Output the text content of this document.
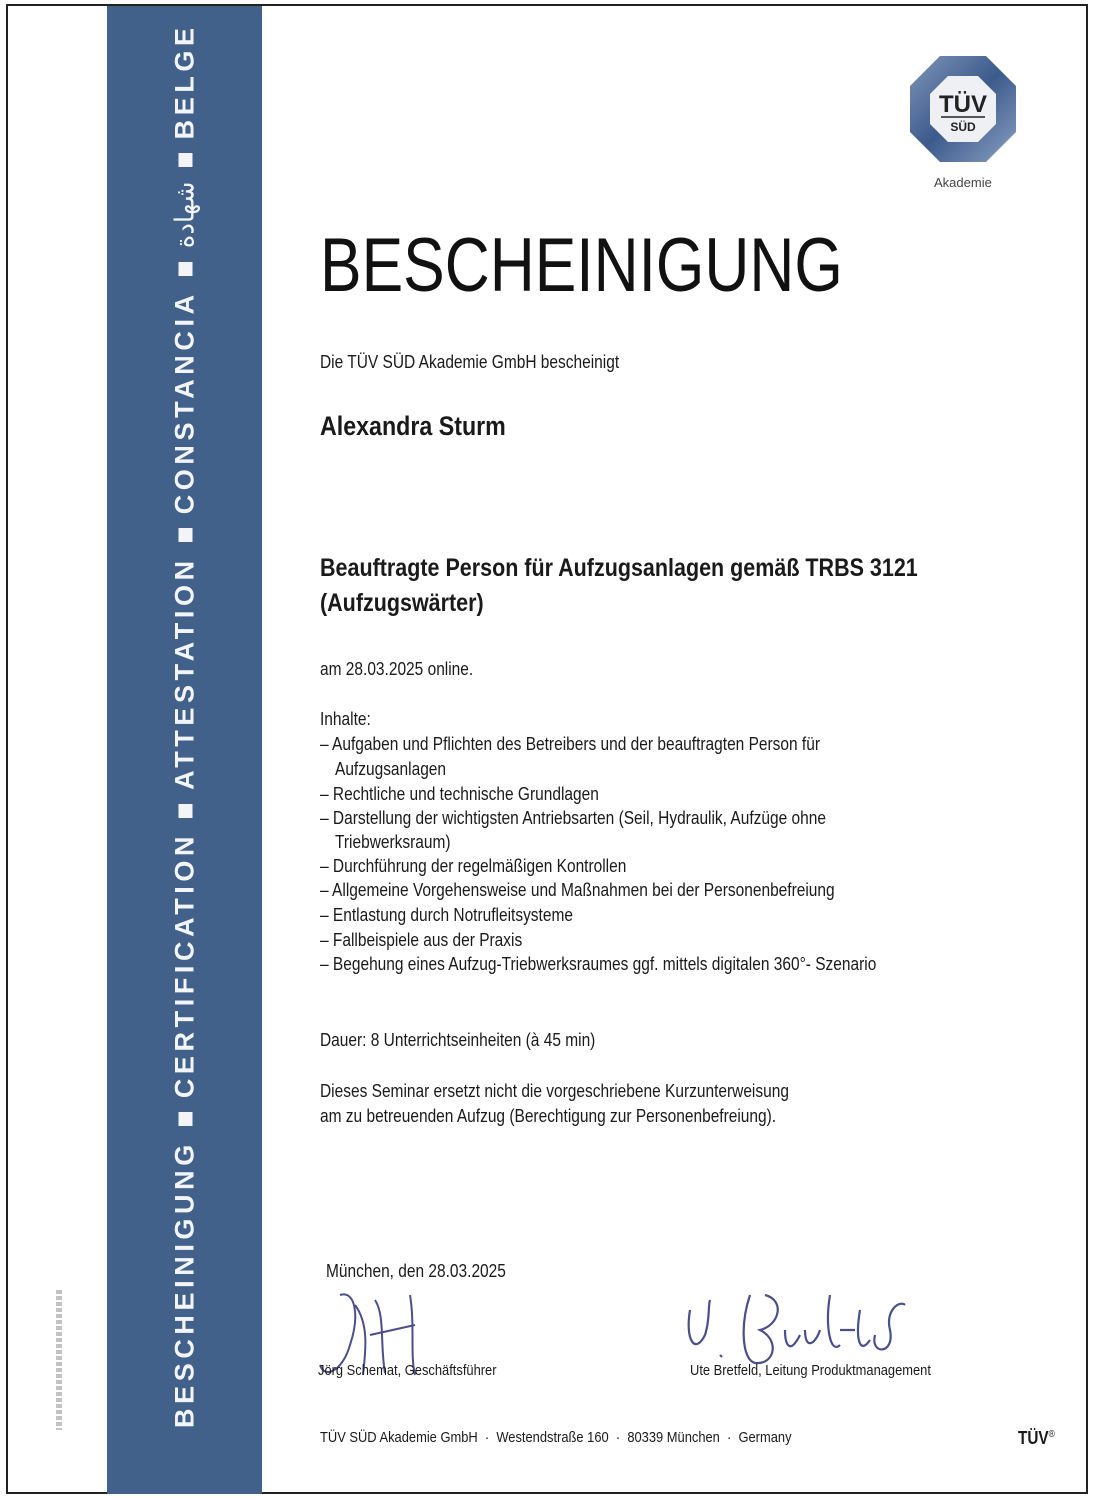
BESCHEINIGUNG
CERTIFICATION
ATTESTATION
CONSTANCIA
شهادة
BELGE	TÜV
SÜD
Akademie
BESCHEINIGUNG
Die TÜV SÜD Akademie GmbH bescheinigt
Alexandra Sturm
Beauftragte Person für Aufzugsanlagen gemäß TRBS 3121
(Aufzugswärter)
am 28.03.2025 online.
Inhalte:
– Aufgaben und Pflichten des Betreibers und der beauftragten Person für
Aufzugsanlagen
– Rechtliche und technische Grundlagen
– Darstellung der wichtigsten Antriebsarten (Seil, Hydraulik, Aufzüge ohne
Triebwerksraum)
– Durchführung der regelmäßigen Kontrollen
– Allgemeine Vorgehensweise und Maßnahmen bei der Personenbefreiung
– Entlastung durch Notrufleitsysteme
– Fallbeispiele aus der Praxis
– Begehung eines Aufzug-Triebwerksraumes ggf. mittels digitalen 360°- Szenario
Dauer: 8 Unterrichtseinheiten (à 45 min)
Dieses Seminar ersetzt nicht die vorgeschriebene Kurzunterweisung
am zu betreuenden Aufzug (Berechtigung zur Personenbefreiung).
München, den 28.03.2025
Jörg Schemat, Geschäftsführer	Ute Bretfeld, Leitung Produktmanagement
TÜV SÜD Akademie GmbH  ·  Westendstraße 160  ·  80339 München  ·  Germany	TÜV®
